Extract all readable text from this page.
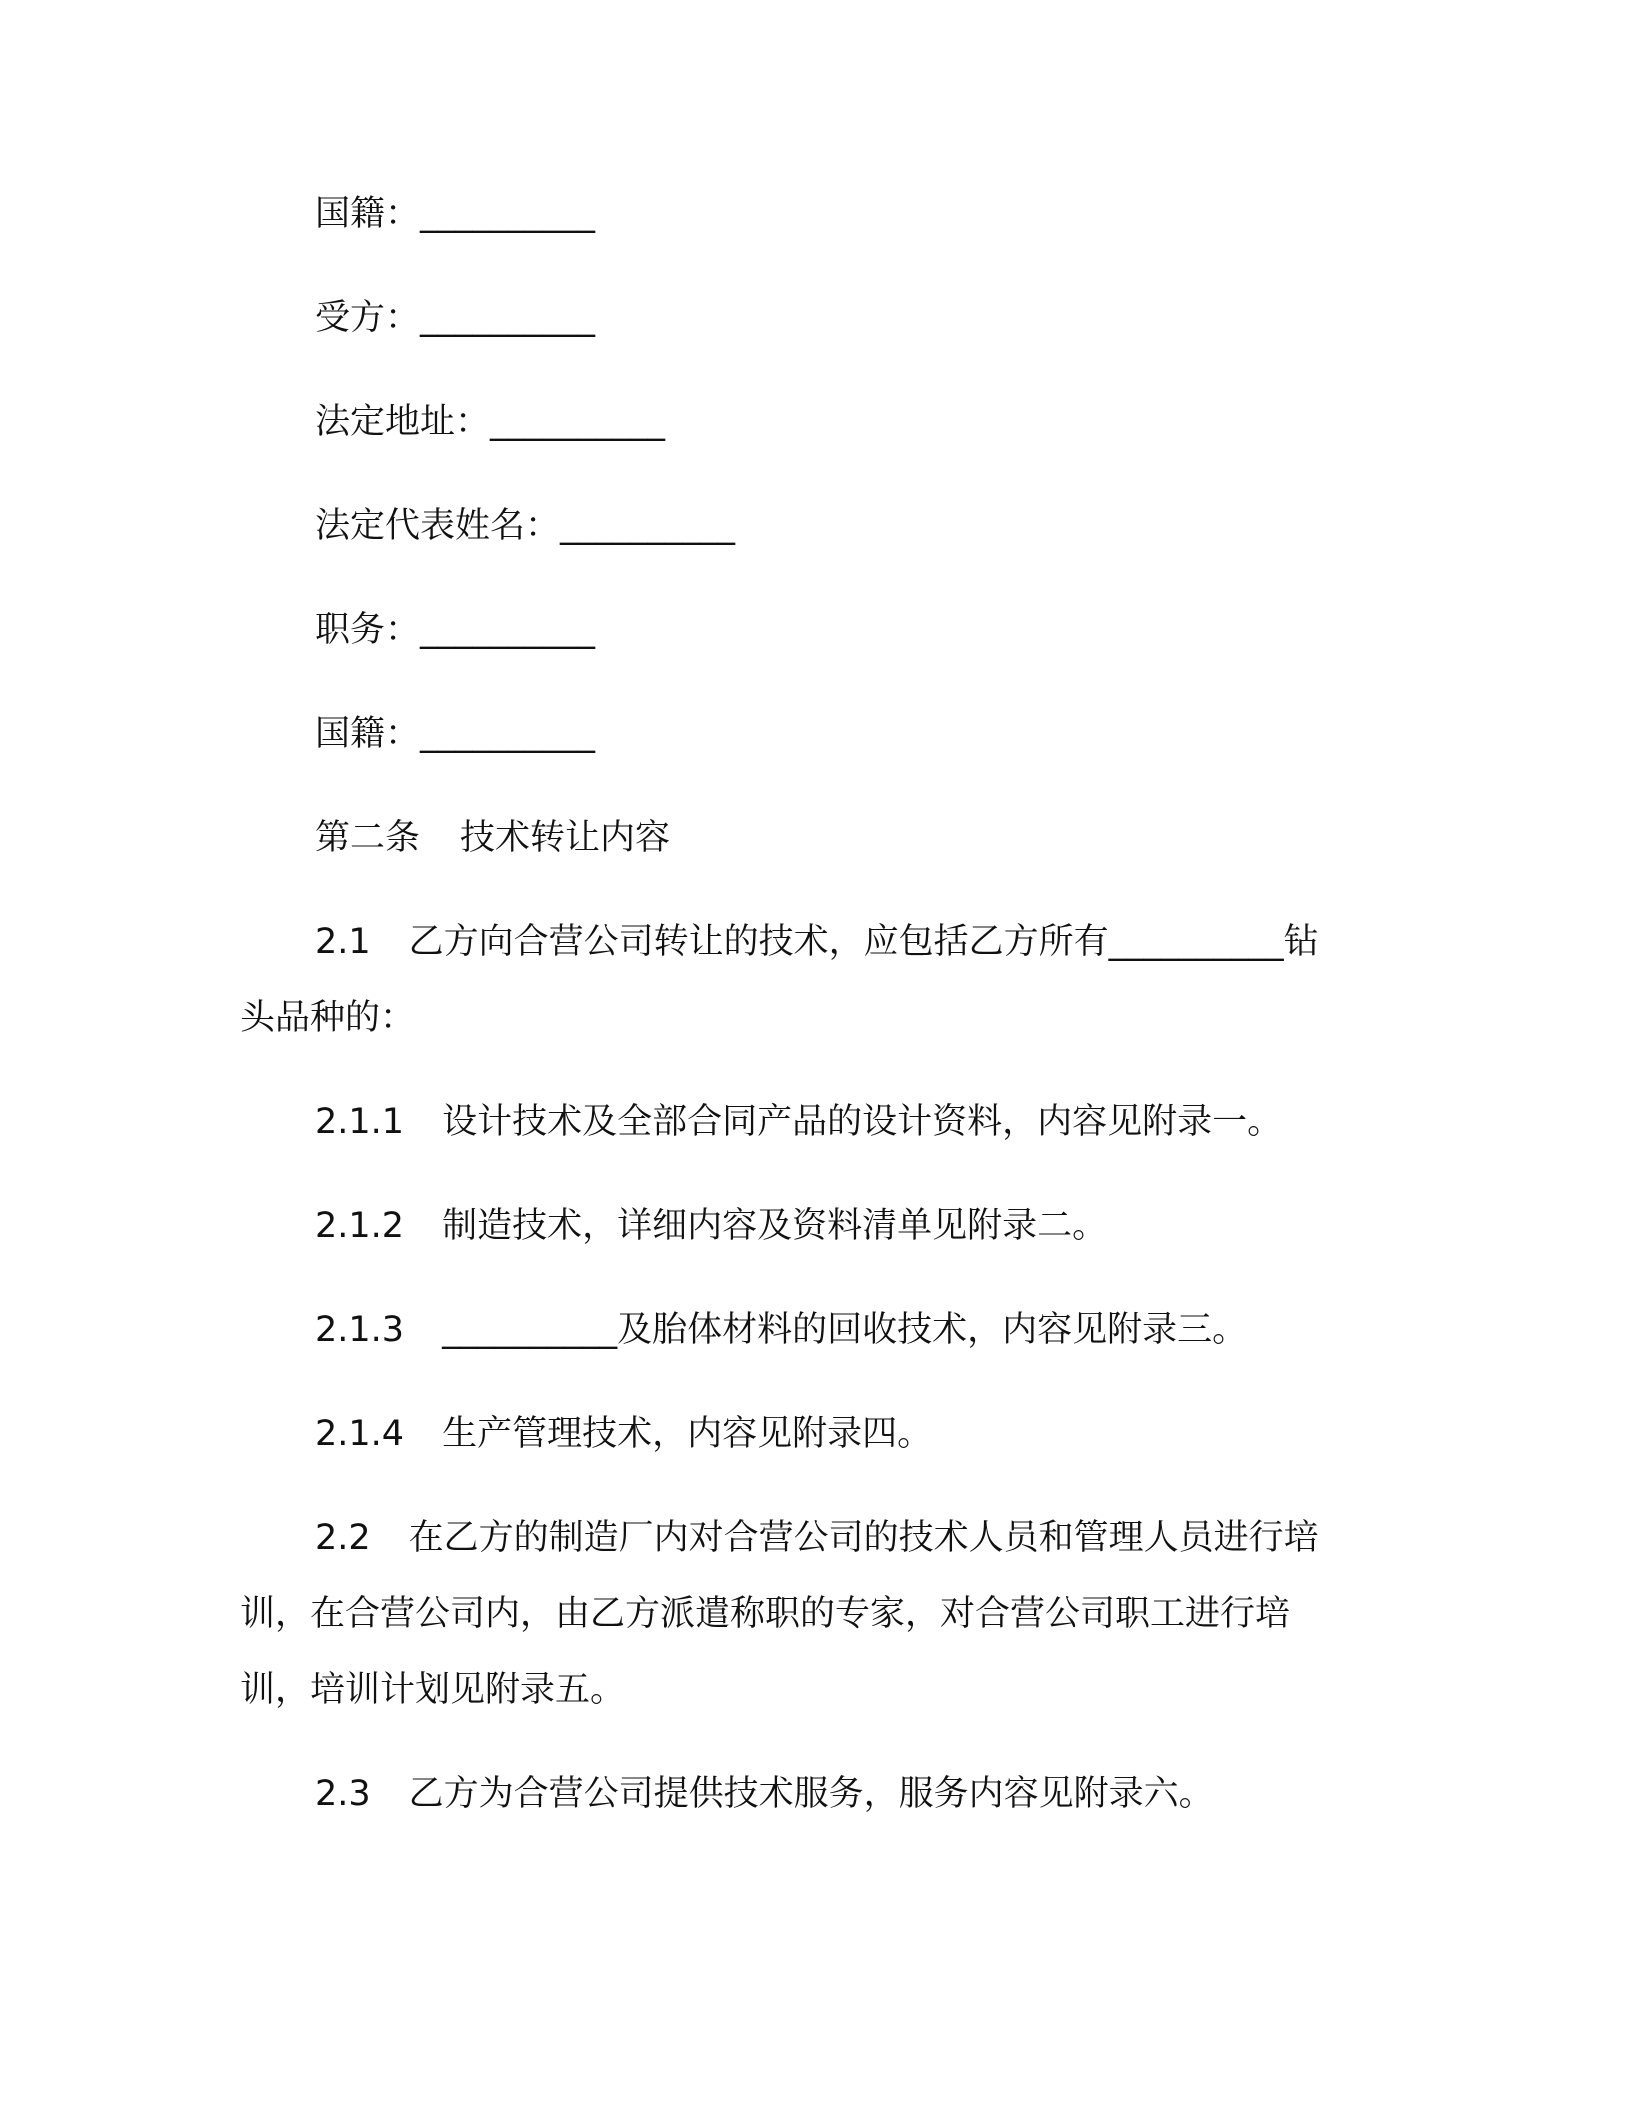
国籍：__________
受方：__________
法定地址：__________
法定代表姓名：__________
职务：__________
国籍：__________
第二条 技术转让内容
2.1 乙方向合营公司转让的技术，应包括乙方所有__________钻
头品种的：
2.1.1 设计技术及全部合同产品的设计资料，内容见附录一。
2.1.2 制造技术，详细内容及资料清单见附录二。
2.1.3 __________及胎体材料的回收技术，内容见附录三。
2.1.4 生产管理技术，内容见附录四。
2.2 在乙方的制造厂内对合营公司的技术人员和管理人员进行培
训，在合营公司内，由乙方派遣称职的专家，对合营公司职工进行培
训，培训计划见附录五。
2.3 乙方为合营公司提供技术服务，服务内容见附录六。
